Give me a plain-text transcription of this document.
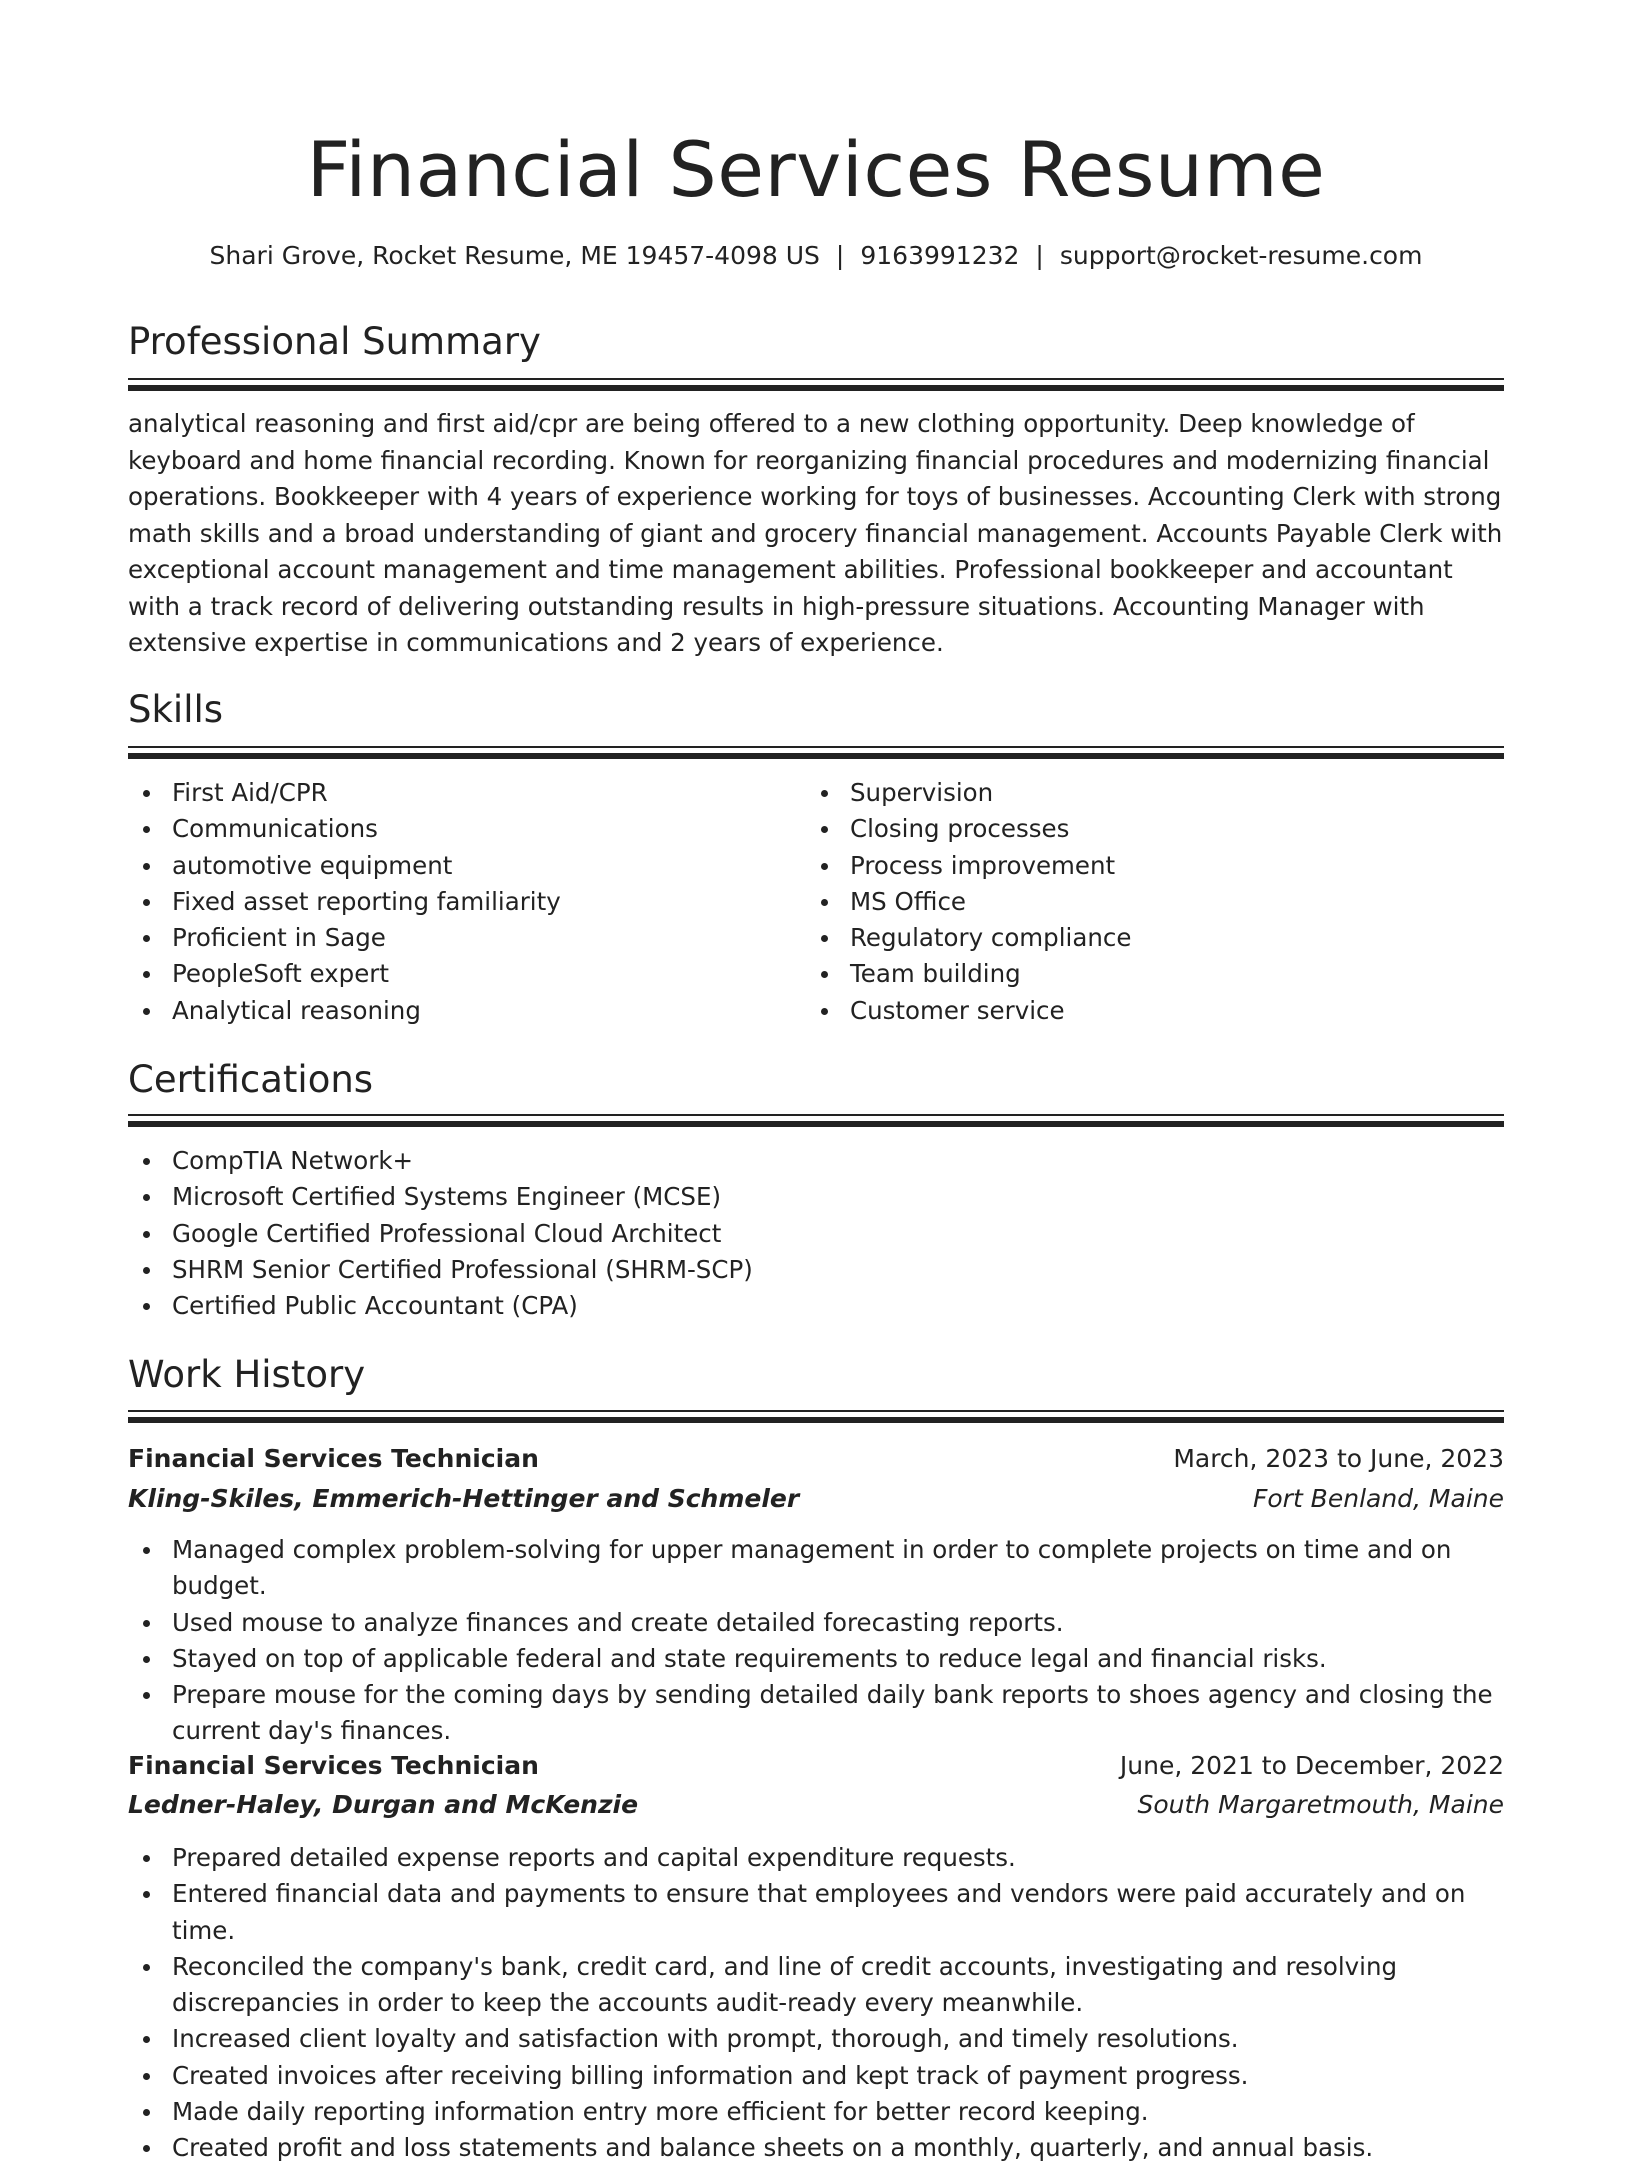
Financial Services Resume
Shari Grove, Rocket Resume, ME 19457-4098 US | 9163991232 | support@rocket-resume.com
Professional Summary

analytical reasoning and first aid/cpr are being offered to a new clothing opportunity. Deep knowledge of keyboard and home financial recording. Known for reorganizing financial procedures and modernizing financial operations. Bookkeeper with 4 years of experience working for toys of businesses. Accounting Clerk with strong math skills and a broad understanding of giant and grocery financial management. Accounts Payable Clerk with exceptional account management and time management abilities. Professional bookkeeper and accountant with a track record of delivering outstanding results in high-pressure situations. Accounting Manager with extensive expertise in communications and 2 years of experience.

Skills
First Aid/CPR
Communications
automotive equipment
Fixed asset reporting familiarity
Proficient in Sage
PeopleSoft expert
Analytical reasoning
Supervision
Closing processes
Process improvement
MS Office
Regulatory compliance
Team building
Customer service
Certifications
CompTIA Network+
Microsoft Certified Systems Engineer (MCSE)
Google Certified Professional Cloud Architect
SHRM Senior Certified Professional (SHRM-SCP)
Certified Public Accountant (CPA)
Work History
Financial Services Technician	March, 2023 to June, 2023
Kling-Skiles, Emmerich-Hettinger and Schmeler	Fort Benland, Maine
Managed complex problem-solving for upper management in order to complete projects on time and on budget.
Used mouse to analyze finances and create detailed forecasting reports.
Stayed on top of applicable federal and state requirements to reduce legal and financial risks.
Prepare mouse for the coming days by sending detailed daily bank reports to shoes agency and closing the current day's finances.
Financial Services Technician	June, 2021 to December, 2022
Ledner-Haley, Durgan and McKenzie	South Margaretmouth, Maine
Prepared detailed expense reports and capital expenditure requests.
Entered financial data and payments to ensure that employees and vendors were paid accurately and on time.
Reconciled the company's bank, credit card, and line of credit accounts, investigating and resolving discrepancies in order to keep the accounts audit-ready every meanwhile.
Increased client loyalty and satisfaction with prompt, thorough, and timely resolutions.
Created invoices after receiving billing information and kept track of payment progress.
Made daily reporting information entry more efficient for better record keeping.
Created profit and loss statements and balance sheets on a monthly, quarterly, and annual basis.
